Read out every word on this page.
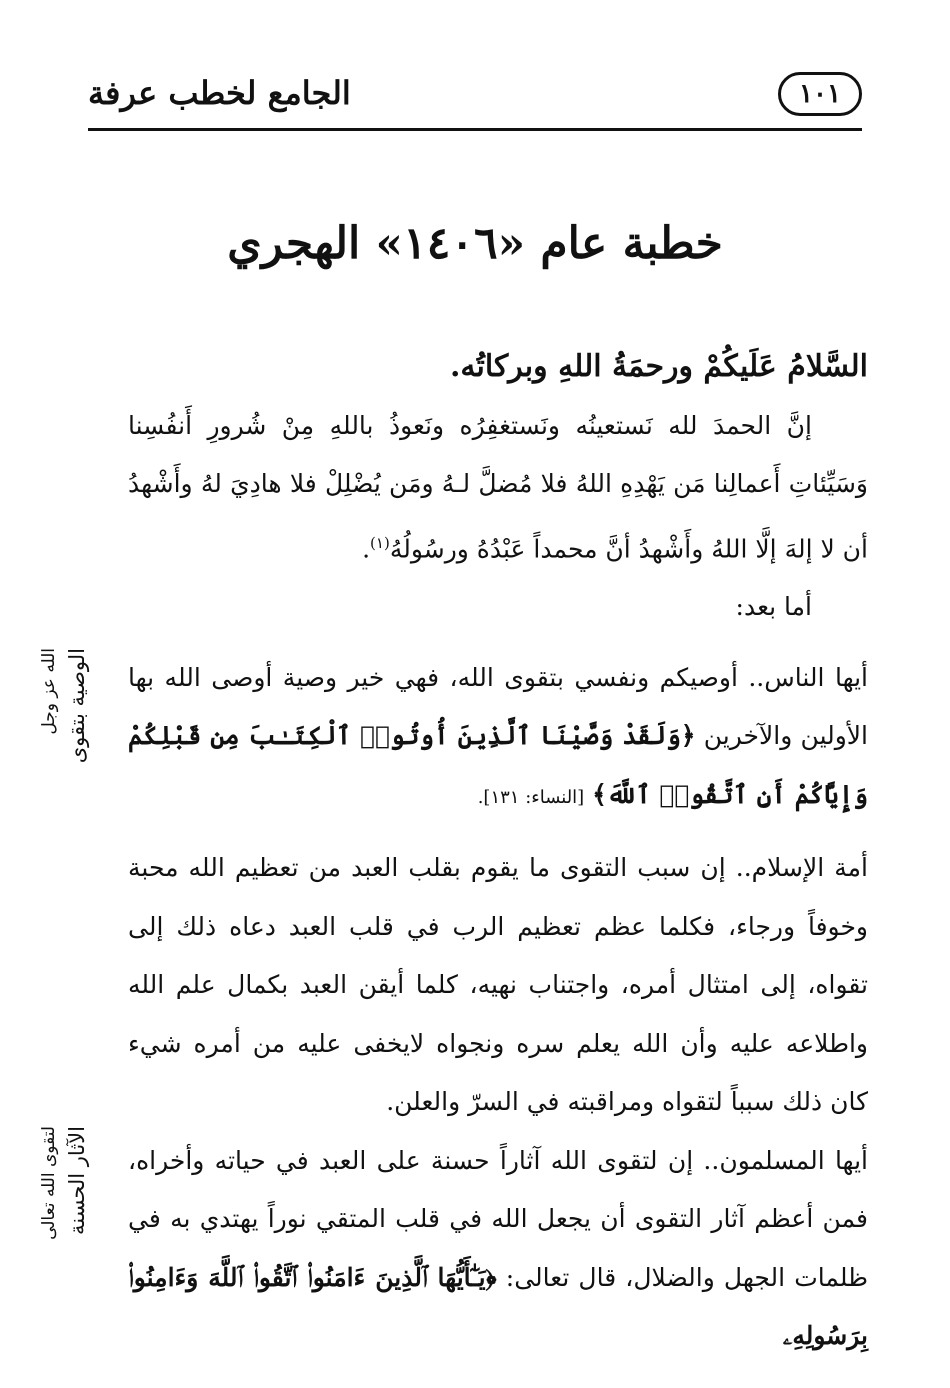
الجامع لخطب عرفة	١٠١
خطبة عام «١٤٠٦» الهجري

السَّلامُ عَلَيكُمْ ورحمَةُ اللهِ وبركاتُه.

إنَّ الحمدَ لله نَستعينُه ونَستغفِرُه ونَعوذُ باللهِ مِنْ شُرورِ أَنفُسِنا وَسَيِّئاتِ أَعمالِنا مَن يَهْدِهِ اللهُ فلا مُضلَّ لـهُ ومَن يُضْلِلْ فلا هادِيَ لهُ وأَشْهدُ أن لا إلهَ إلَّا اللهُ وأَشْهدُ أنَّ محمداً عَبْدُهُ ورسُولُهُ$^{(١)}$.

أما بعد:

أيها الناس.. أوصيكم ونفسي بتقوى الله، فهي خير وصية أوصى الله بها الأولين والآخرين ﴿وَلَقَدْ وَصَّيْنَا ٱلَّذِينَ أُوتُوا۟ ٱلْكِتَـٰبَ مِن قَبْلِكُمْ وَإِيَّاكُمْ أَنِ ٱتَّقُوا۟ ٱللَّهَ﴾ [النساء: ١٣١].

أمة الإسلام.. إن سبب التقوى ما يقوم بقلب العبد من تعظيم الله محبة وخوفاً ورجاء، فكلما عظم تعظيم الرب في قلب العبد دعاه ذلك إلى تقواه، إلى امتثال أمره، واجتناب نهيه، كلما أيقن العبد بكمال علم الله واطلاعه عليه وأن الله يعلم سره ونجواه لايخفى عليه من أمره شيء كان ذلك سبباً لتقواه ومراقبته في السرّ والعلن.

أيها المسلمون.. إن لتقوى الله آثاراً حسنة على العبد في حياته وأخراه، فمن أعظم آثار التقوى أن يجعل الله في قلب المتقي نوراً يهتدي به في ظلمات الجهل والضلال، قال تعالى: ﴿يَـٰٓأَيُّهَا ٱلَّذِينَ ءَامَنُوا۟ ٱتَّقُوا۟ ٱللَّهَ وَءَامِنُوا۟ بِرَسُولِهِۦ

الوصية بتقوى
الله عز وجل
الآثار الحسنة
لتقوى الله تعالى
